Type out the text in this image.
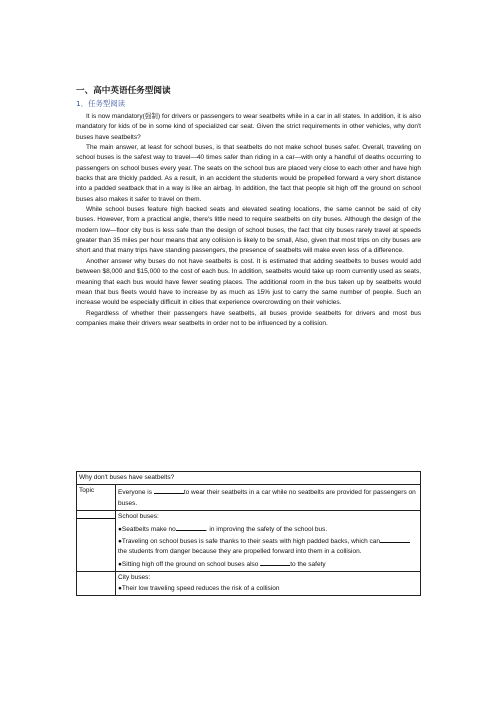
一、高中英语任务型阅读
1．任务型阅读

It is now mandatory(强制) for drivers or passengers to wear seatbelts while in a car in all states. In addition, it is also mandatory for kids of be in some kind of specialized car seat. Given the strict requirements in other vehicles, why don't buses have seatbelts?

The main answer, at least for school buses, is that seatbelts do not make school buses safer. Overall, traveling on school buses is the safest way to travel—40 times safer than riding in a car—with only a handful of deaths occurring to passengers on school buses every year. The seats on the school bus are placed very close to each other and have high backs that are thickly padded. As a result, in an accident the students would be propelled forward a very short distance into a padded seatback that in a way is like an airbag. In addition, the fact that people sit high off the ground on school buses also makes it safer to travel on them.

While school buses feature high backed seats and elevated seating locations, the same cannot be said of city buses. However, from a practical angle, there's little need to require seatbelts on city buses. Although the design of the modern low—floor city bus is less safe than the design of school buses, the fact that city buses rarely travel at speeds greater than 35 miles per hour means that any collision is likely to be small, Also, given that most trips on city buses are short and that many trips have standing passengers, the presence of seatbelts will make even less of a difference.

Another answer why buses do not have seatbelts is cost. It is estimated that adding seatbelts to buses would add between $8,000 and $15,000 to the cost of each bus. In addition, seatbelts would take up room currently used as seats, meaning that each bus would have fewer seating places. The additional room in the bus taken up by seatbelts would mean that bus fleets would have to increase by as much as 15% just to carry the same number of people. Such an increase would be especially difficult in cities that experience overcrowding on their vehicles.

Regardless of whether their passengers have seatbelts, all buses provide seatbelts for drivers and most bus companies make their drivers wear seatbelts in order not to be influenced by a collision.

Why don't buses have seatbelts?	
Topic	Everyone is to wear their seatbelts in a car while no seatbelts are provided for passengers on buses.

	School buses:
●Seatbelts make no . in improving the safety of the school bus.
●Traveling on school buses is safe thanks to their seats with high padded backs, which canthe students from danger because they are propelled forward into them in a collision.
●Sitting high off the ground on school buses also to the safety

	City buses:
●Their low traveling speed reduces the risk of a collision
